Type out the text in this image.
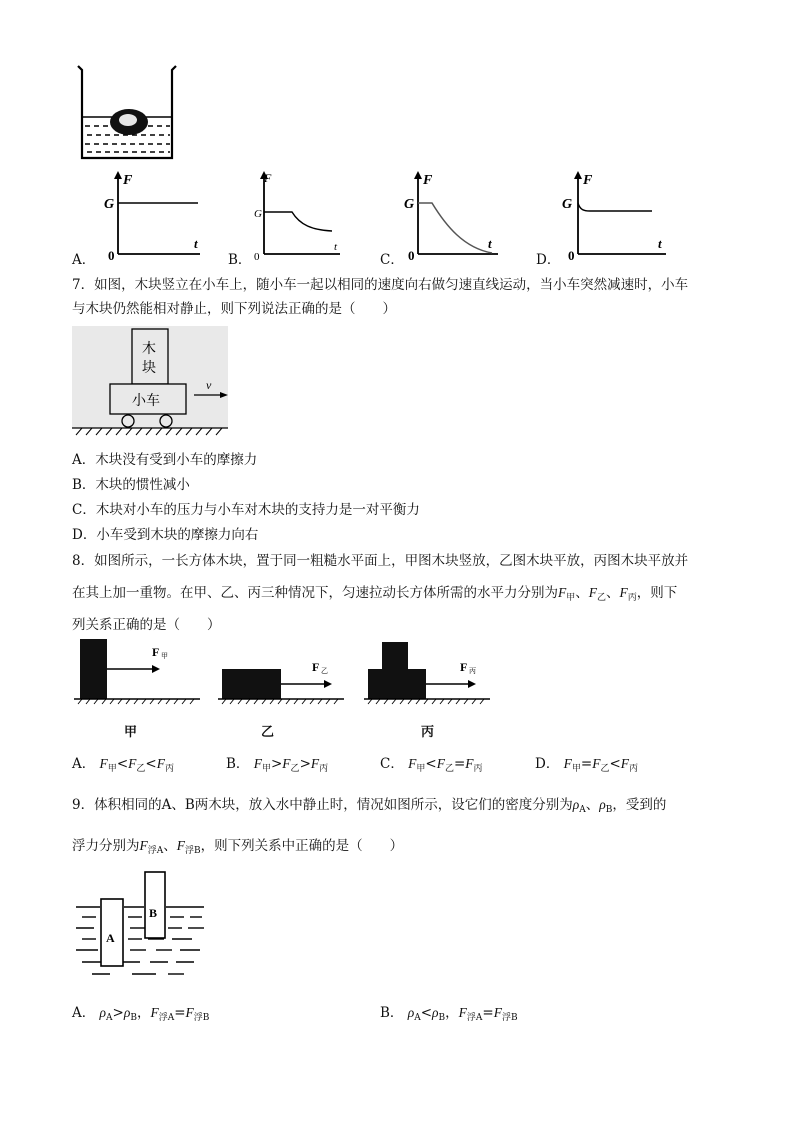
F
G
0
t
F
G
0
t
F
G
0
t
F
G
0
t
A．	B．	C．	D．
7．如图，木块竖立在小车上，随小车一起以相同的速度向右做匀速直线运动，当小车突然减速时，小车
与木块仍然能相对静止，则下列说法正确的是（　　）
木
块
小车
v
A．木块没有受到小车的摩擦力
B．木块的惯性减小
C．木块对小车的压力与小车对木块的支持力是一对平衡力
D．小车受到木块的摩擦力向右
8．如图所示，一长方体木块，置于同一粗糙水平面上，甲图木块竖放，乙图木块平放，丙图木块平放并
在其上加一重物。在甲、乙、丙三种情况下，匀速拉动长方体所需的水平力分别为$F_甲$、$F_乙$、$F_丙$，则下
列关系正确的是（　　）
F 甲
F 乙	F 丙
甲	乙	丙
A． $F_甲<F_乙<F_丙$	B． $F_甲>F_乙>F_丙$	C． $F_甲<F_乙=F_丙$	D． $F_甲=F_乙<F_丙$
9．体积相同的A、B两木块，放入水中静止时，情况如图所示，设它们的密度分别为$\rho_A$、$\rho_B$，受到的
浮力分别为$F_{浮A}$、$F_{浮B}$，则下列关系中正确的是（　　）
A
B
A． $\rho_A>\rho_B$，$F_{浮A}=F_{浮B}$	B． $\rho_A<\rho_B$，$F_{浮A}=F_{浮B}$
